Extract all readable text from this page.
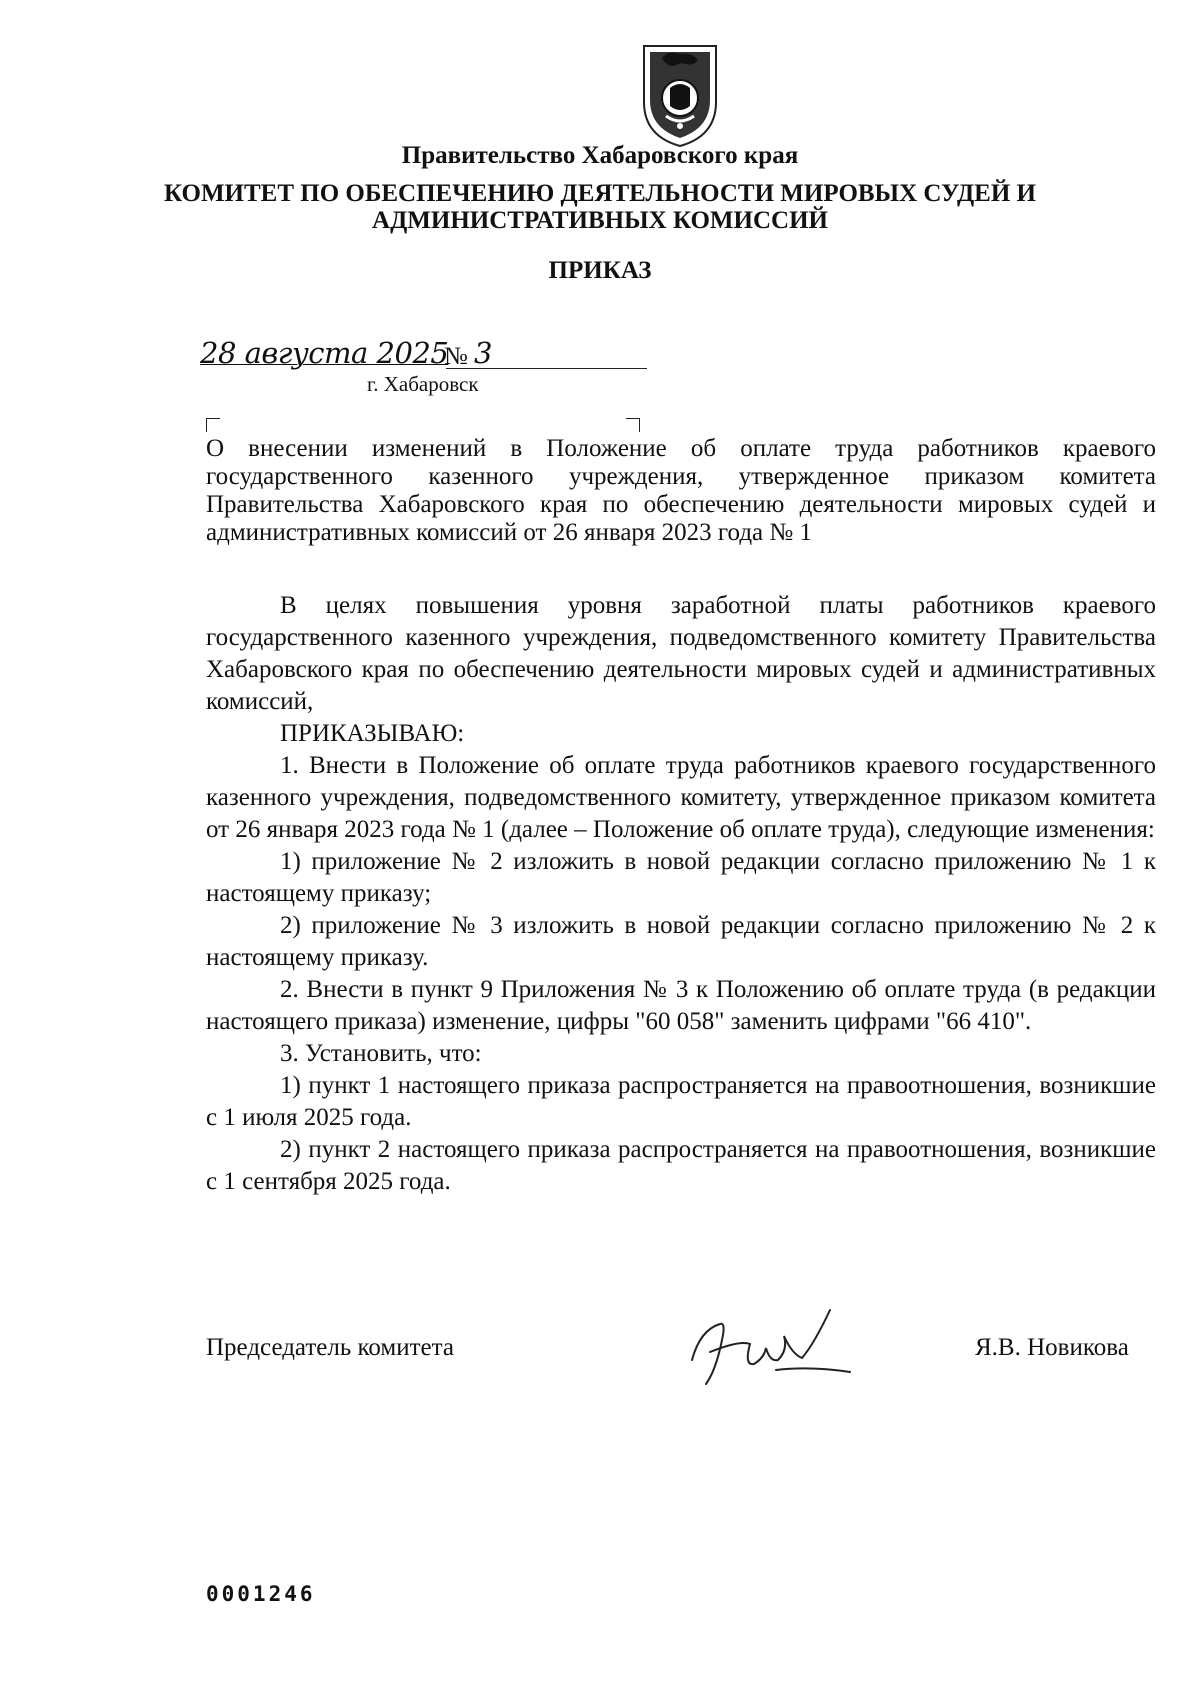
Правительство Хабаровского края
КОМИТЕТ ПО ОБЕСПЕЧЕНИЮ ДЕЯТЕЛЬНОСТИ МИРОВЫХ СУДЕЙ И
АДМИНИСТРАТИВНЫХ КОМИССИЙ
ПРИКАЗ
28 августа 2025
№ 3
г. Хабаровск
О внесении изменений в Положение об оплате труда работников краевого государственного казенного учреждения, утвержденное приказом комитета Правительства Хабаровского края по обеспечению деятельности мировых судей и административных комиссий от 26 января 2023 года № 1

В целях повышения уровня заработной платы работников краевого государственного казенного учреждения, подведомственного комитету Правительства Хабаровского края по обеспечению деятельности мировых судей и административных комиссий,

ПРИКАЗЫВАЮ:

1. Внести в Положение об оплате труда работников краевого государственного казенного учреждения, подведомственного комитету, утвержденное приказом комитета от 26 января 2023 года № 1 (далее – Положение об оплате труда), следующие изменения:

1) приложение № 2 изложить в новой редакции согласно приложению № 1 к настоящему приказу;

2) приложение № 3 изложить в новой редакции согласно приложению № 2 к настоящему приказу.

2. Внести в пункт 9 Приложения № 3 к Положению об оплате труда (в редакции настоящего приказа) изменение, цифры "60 058" заменить цифрами "66 410".

3. Установить, что:

1) пункт 1 настоящего приказа распространяется на правоотношения, возникшие с 1 июля 2025 года.

2) пункт 2 настоящего приказа распространяется на правоотношения, возникшие с 1 сентября 2025 года.

Председатель комитета	Я.В. Новикова
0001246
